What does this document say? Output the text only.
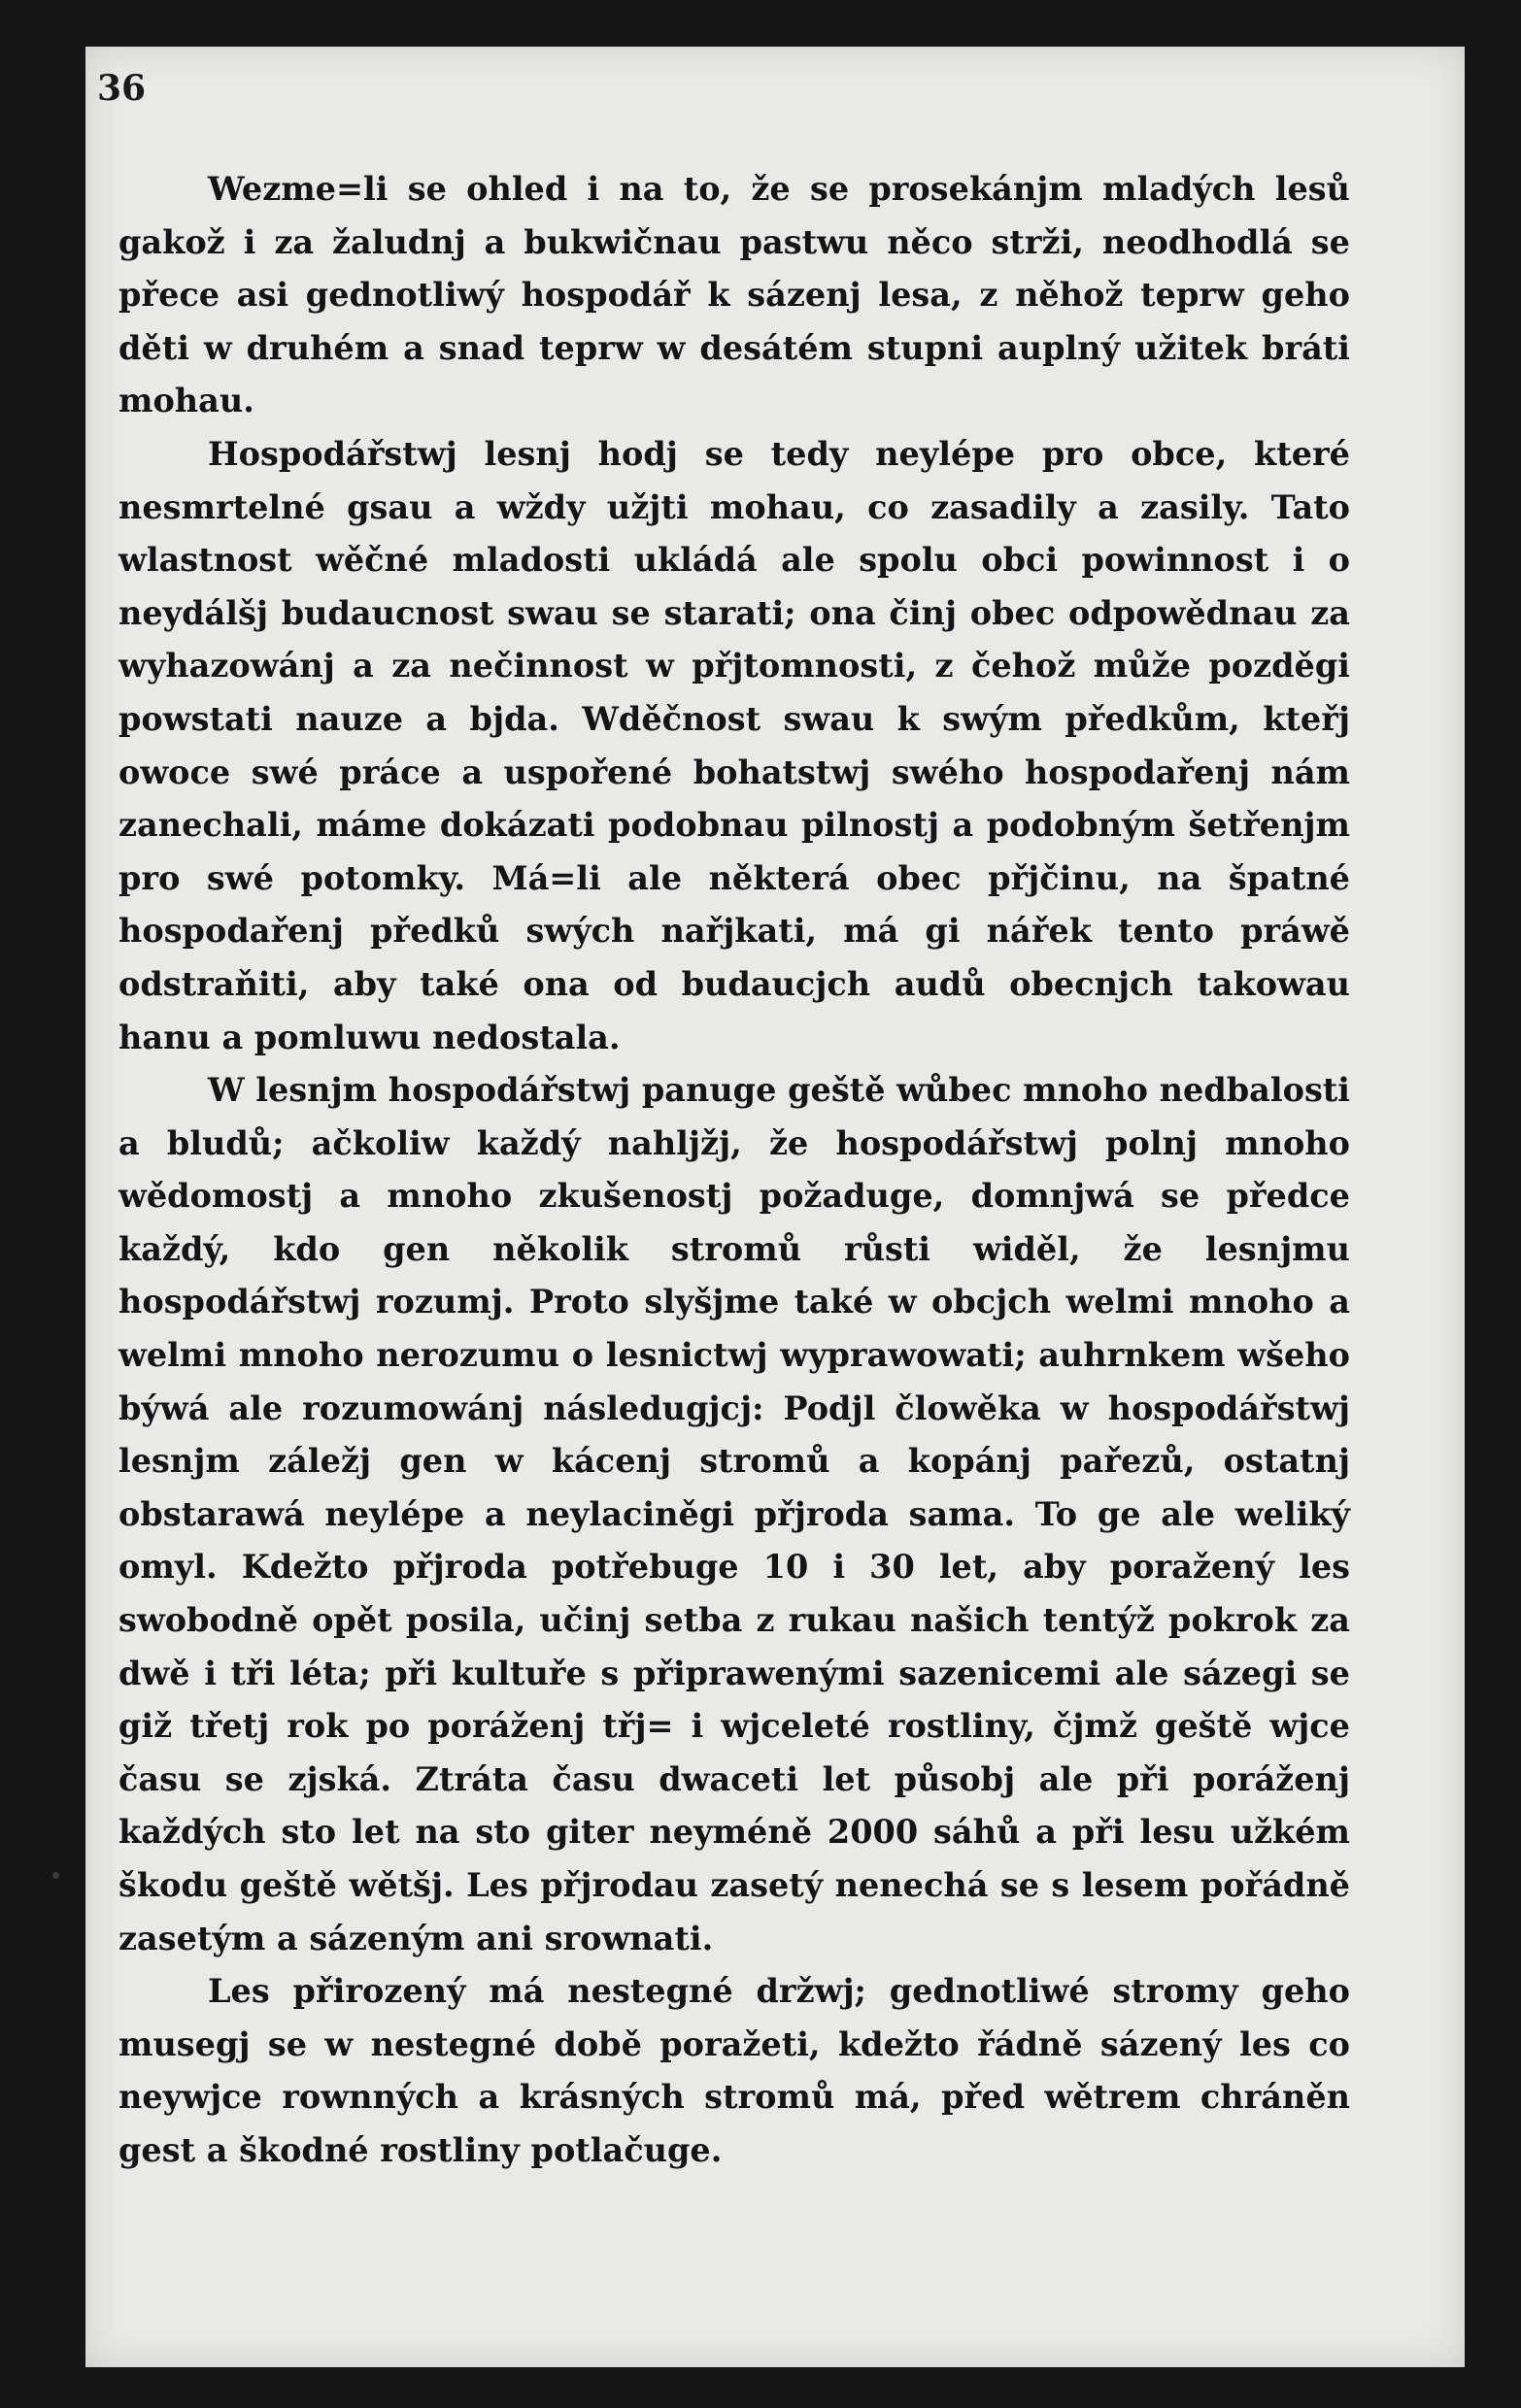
36

Wezme=li se ohled i na to, že se prosekánjm mladých lesů gakož i za žaludnj a bukwičnau pastwu něco strži, neodhodlá se přece asi gednotliwý hospodář k sázenj lesa, z něhož teprw geho děti w druhém a snad teprw w desátém stupni auplný užitek bráti mohau.

Hospodářstwj lesnj hodj se tedy neylépe pro obce, které nesmrtelné gsau a wždy užjti mohau, co zasadily a zasily. Tato wlastnost wěčné mladosti ukládá ale spolu obci powinnost i o neydálšj budaucnost swau se starati; ona činj obec odpowědnau za wyhazowánj a za nečinnost w přjtomnosti, z čehož může pozděgi powstati nauze a bjda. Wděčnost swau k swým předkům, kteřj owoce swé práce a uspořené bohatstwj swého hospodařenj nám zanechali, máme dokázati podobnau pilnostj a podobným šetřenjm pro swé potomky. Má=li ale některá obec přjčinu, na špatné hospodařenj předků swých nařjkati, má gi nářek tento práwě odstraňiti, aby také ona od budaucjch audů obecnjch takowau hanu a pomluwu nedostala.

W lesnjm hospodářstwj panuge geště wůbec mnoho nedbalosti a bludů; ačkoliw každý nahljžj, že hospodářstwj polnj mnoho wědomostj a mnoho zkušenostj požaduge, domnjwá se předce každý, kdo gen několik stromů růsti widěl, že lesnjmu hospodářstwj rozumj. Proto slyšjme také w obcjch welmi mnoho a welmi mnoho nerozumu o lesnictwj wyprawowati; auhrnkem wšeho býwá ale rozumowánj následugjcj: Podjl člowěka w hospodářstwj lesnjm záležj gen w kácenj stromů a kopánj pařezů, ostatnj obstarawá neylépe a neylaciněgi přjroda sama. To ge ale weliký omyl. Kdežto přjroda potřebuge 10 i 30 let, aby poražený les swobodně opět posila, učinj setba z rukau našich tentýž pokrok za dwě i tři léta; při kultuře s připrawenými sazenicemi ale sázegi se giž třetj rok po poráženj třj= i wjceleté rostliny, čjmž geště wjce času se zjská. Ztráta času dwaceti let působj ale při poráženj každých sto let na sto giter neyméně 2000 sáhů a při lesu užkém škodu geště wětšj. Les přjrodau zasetý nenechá se s lesem pořádně zasetým a sázeným ani srownati.

Les přirozený má nestegné držwj; gednotliwé stromy geho musegj se w nestegné době poražeti, kdežto řádně sázený les co neywjce rownných a krásných stromů má, před wětrem chráněn gest a škodné rostliny potlačuge.
